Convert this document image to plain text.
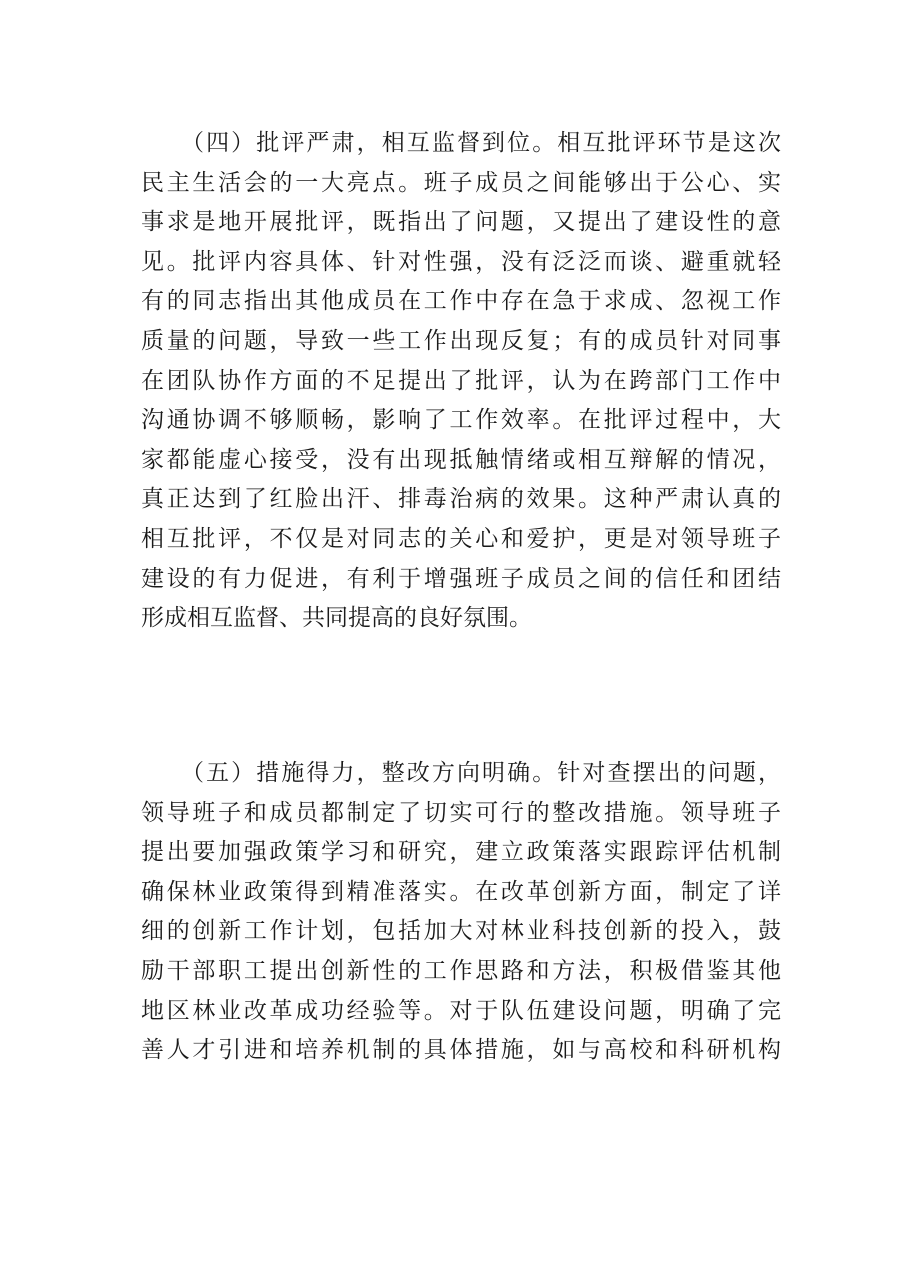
（四）批评严肃，相互监督到位。相互批评环节是这次
民主生活会的一大亮点。班子成员之间能够出于公心、实
事求是地开展批评，既指出了问题，又提出了建设性的意
见。批评内容具体、针对性强，没有泛泛而谈、避重就轻
有的同志指出其他成员在工作中存在急于求成、忽视工作
质量的问题，导致一些工作出现反复；有的成员针对同事
在团队协作方面的不足提出了批评，认为在跨部门工作中
沟通协调不够顺畅，影响了工作效率。在批评过程中，大
家都能虚心接受，没有出现抵触情绪或相互辩解的情况，
真正达到了红脸出汗、排毒治病的效果。这种严肃认真的
相互批评，不仅是对同志的关心和爱护，更是对领导班子
建设的有力促进，有利于增强班子成员之间的信任和团结
形成相互监督、共同提高的良好氛围。
（五）措施得力，整改方向明确。针对查摆出的问题，
领导班子和成员都制定了切实可行的整改措施。领导班子
提出要加强政策学习和研究，建立政策落实跟踪评估机制
确保林业政策得到精准落实。在改革创新方面，制定了详
细的创新工作计划，包括加大对林业科技创新的投入，鼓
励干部职工提出创新性的工作思路和方法，积极借鉴其他
地区林业改革成功经验等。对于队伍建设问题，明确了完
善人才引进和培养机制的具体措施，如与高校和科研机构
